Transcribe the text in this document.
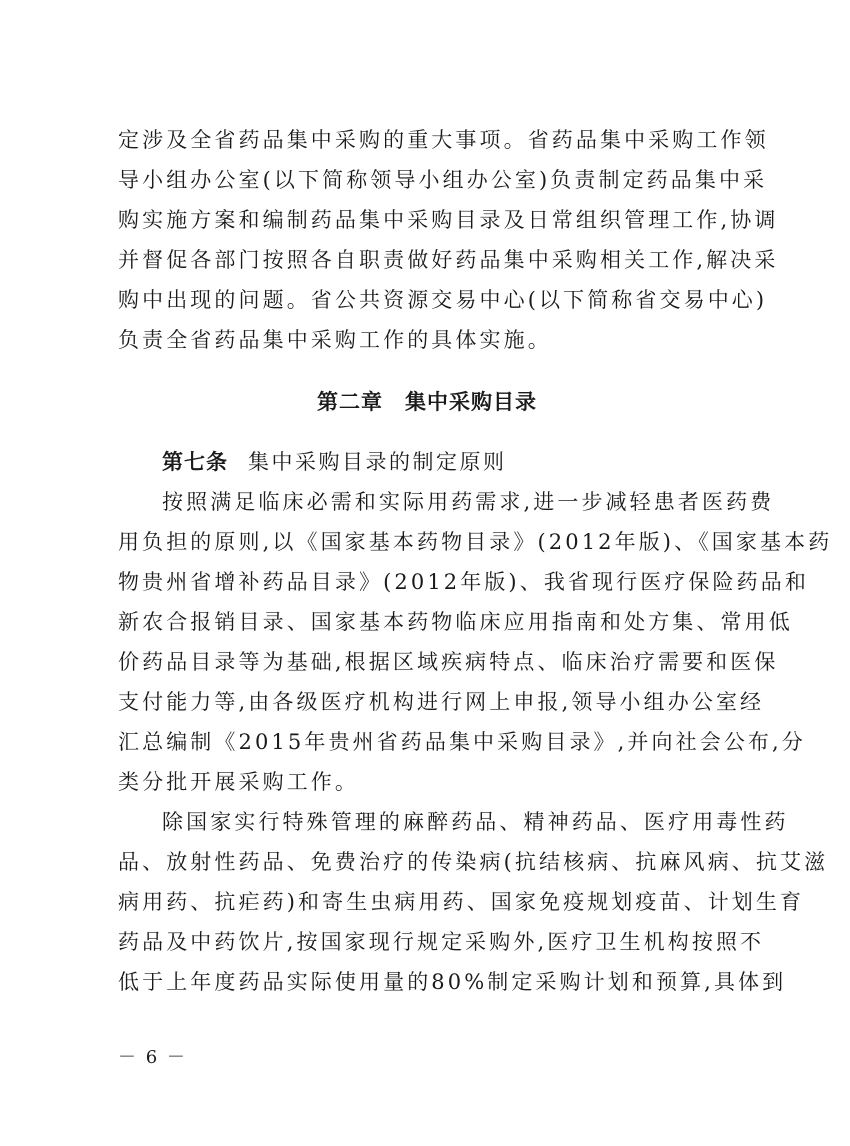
定涉及全省药品集中采购的重大事项。省药品集中采购工作领
导小组办公室(以下简称领导小组办公室)负责制定药品集中采
购实施方案和编制药品集中采购目录及日常组织管理工作,协调
并督促各部门按照各自职责做好药品集中采购相关工作,解决采
购中出现的问题。省公共资源交易中心(以下简称省交易中心)
负责全省药品集中采购工作的具体实施。
第二章　集中采购目录
第七条 集中采购目录的制定原则
按照满足临床必需和实际用药需求,进一步减轻患者医药费
用负担的原则,以《国家基本药物目录》(2012年版)、《国家基本药
物贵州省增补药品目录》(2012年版)、我省现行医疗保险药品和
新农合报销目录、国家基本药物临床应用指南和处方集、常用低
价药品目录等为基础,根据区域疾病特点、临床治疗需要和医保
支付能力等,由各级医疗机构进行网上申报,领导小组办公室经
汇总编制《2015年贵州省药品集中采购目录》,并向社会公布,分
类分批开展采购工作。
除国家实行特殊管理的麻醉药品、精神药品、医疗用毒性药
品、放射性药品、免费治疗的传染病(抗结核病、抗麻风病、抗艾滋
病用药、抗疟药)和寄生虫病用药、国家免疫规划疫苗、计划生育
药品及中药饮片,按国家现行规定采购外,医疗卫生机构按照不
低于上年度药品实际使用量的80%制定采购计划和预算,具体到
－ 6 －
